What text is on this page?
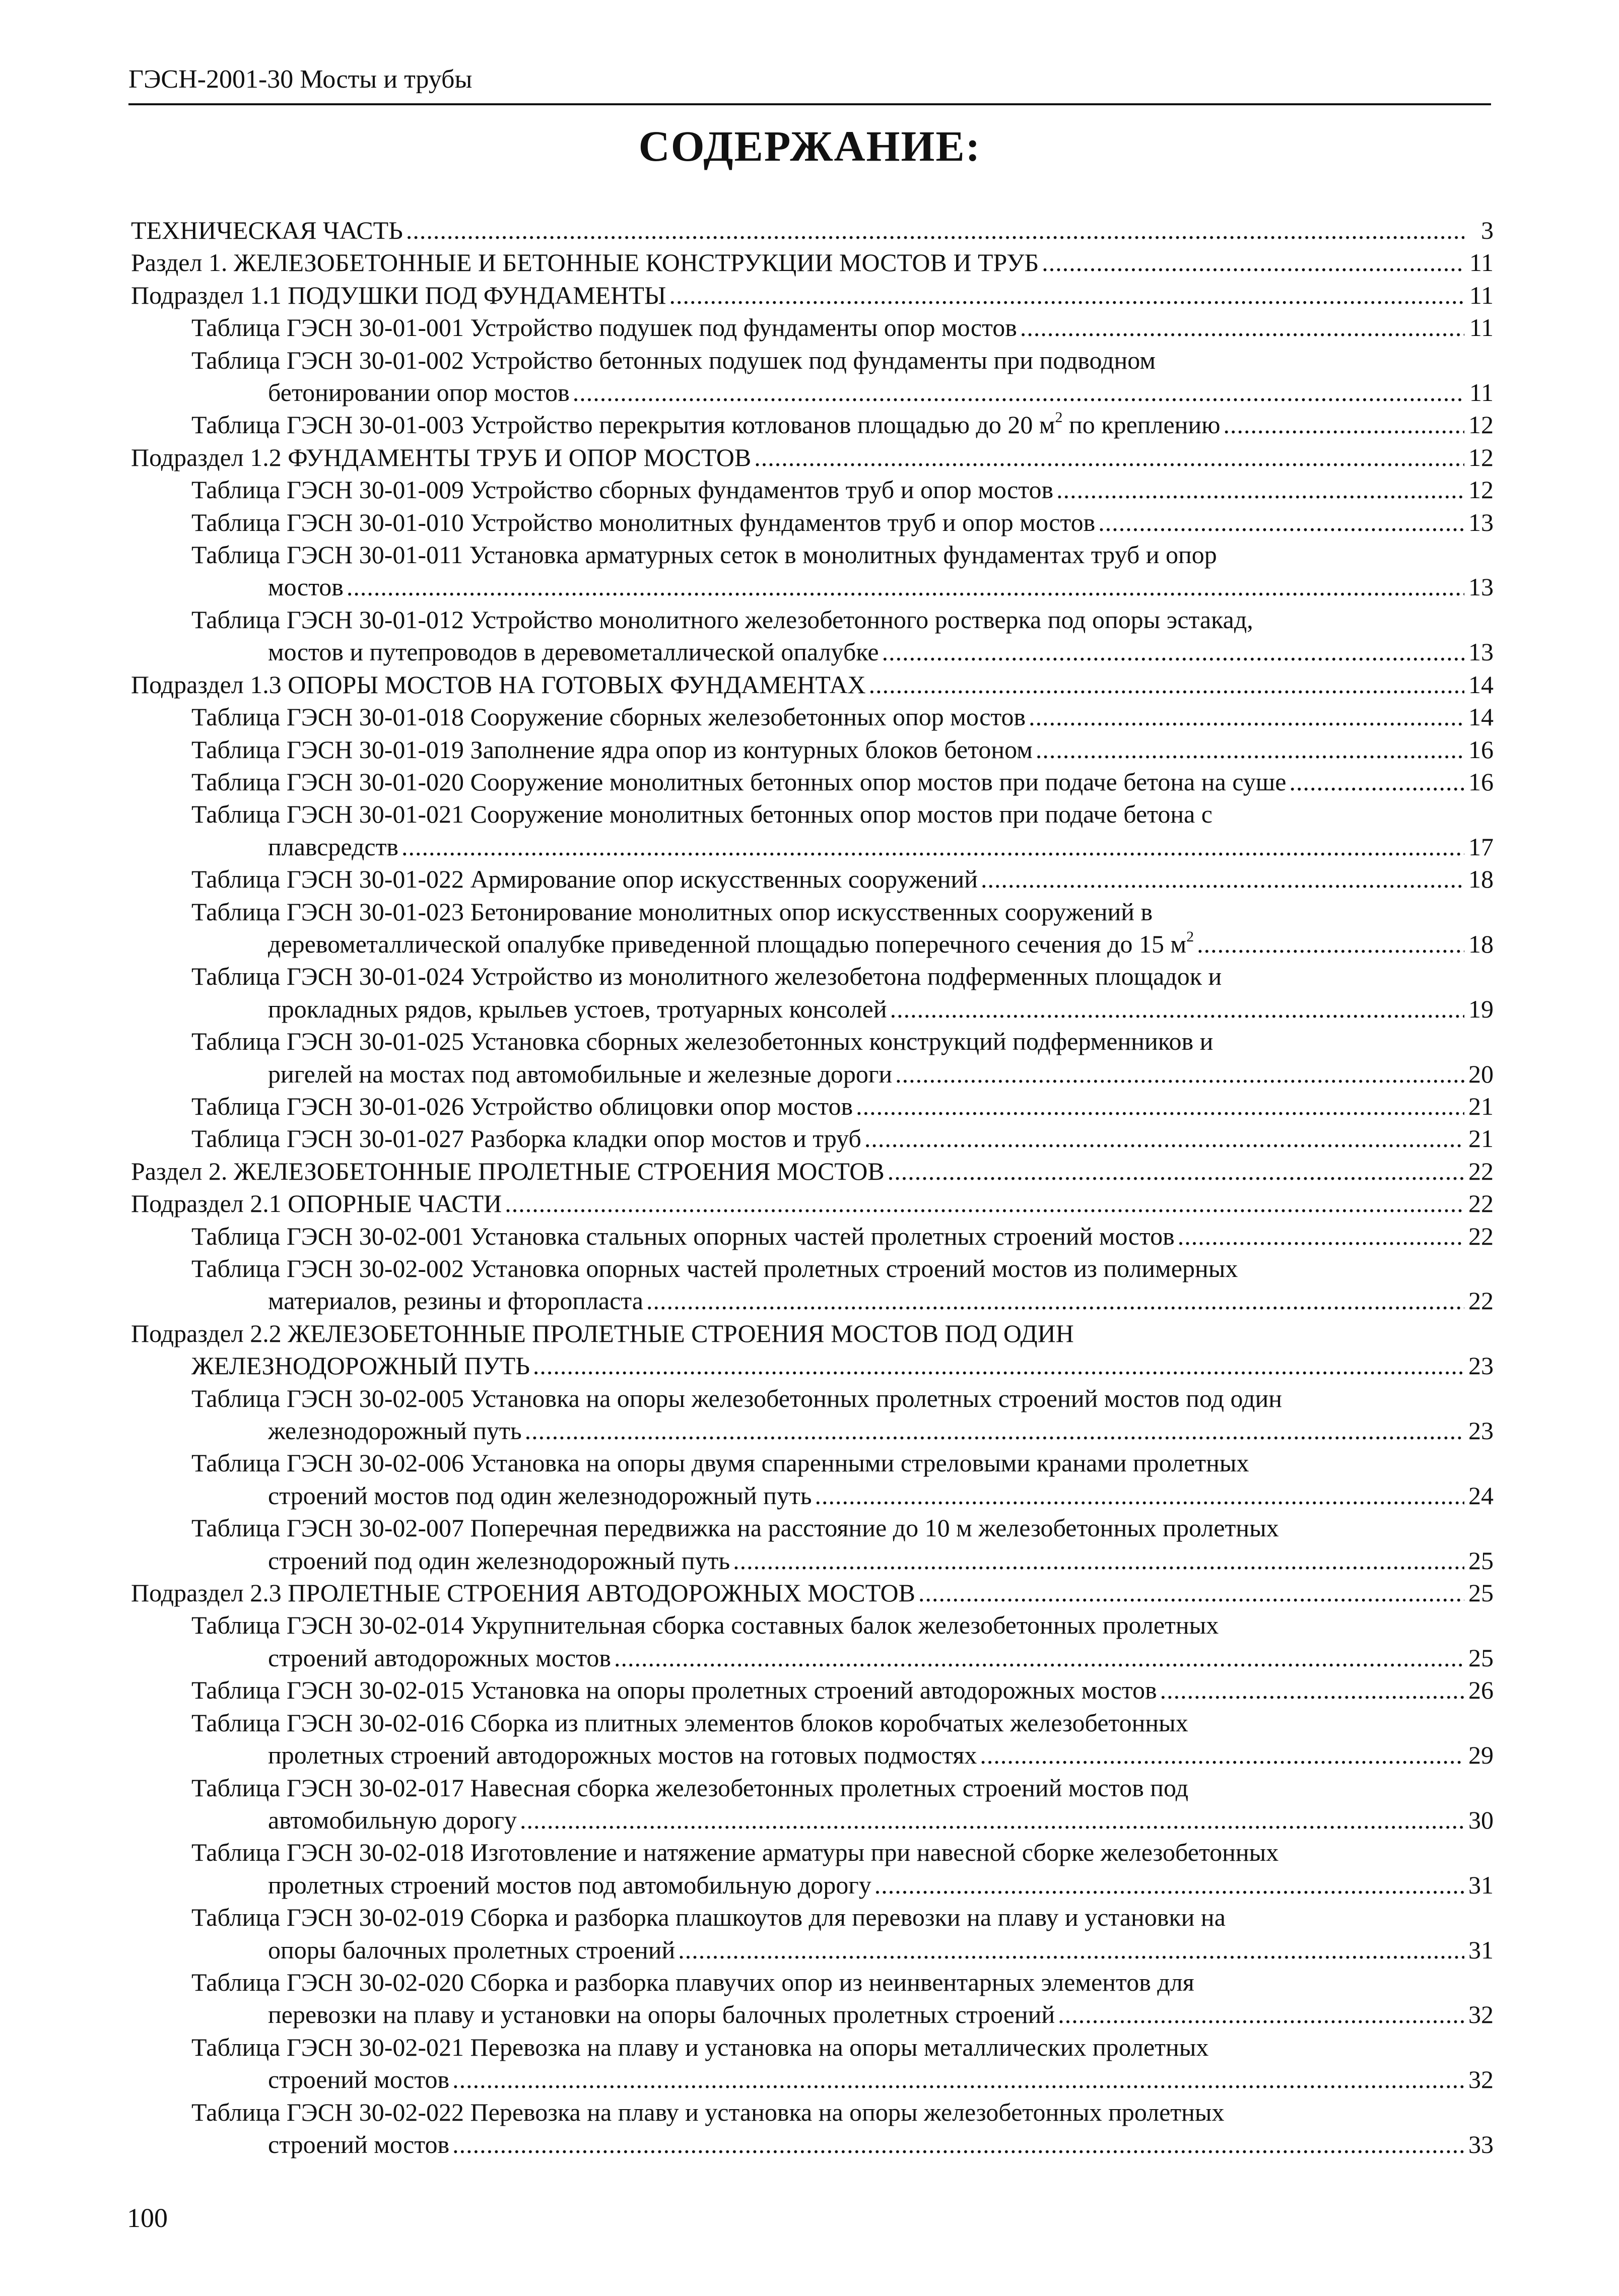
ГЭСН-2001-30 Мосты и трубы
СОДЕРЖАНИЕ:
ТЕХНИЧЕСКАЯ ЧАСТЬ .....	3
Раздел 1. ЖЕЛЕЗОБЕТОННЫЕ И БЕТОННЫЕ КОНСТРУКЦИИ МОСТОВ И ТРУБ .....	11
Подраздел 1.1 ПОДУШКИ ПОД ФУНДАМЕНТЫ .....	11
Таблица ГЭСН 30-01-001 Устройство подушек под фундаменты опор мостов .....	11
Таблица ГЭСН 30-01-002 Устройство бетонных подушек под фундаменты при подводном
бетонировании опор мостов .....	11
Таблица ГЭСН 30-01-003 Устройство перекрытия котлованов площадью до 20 $м^2$ по креплению .....	12
Подраздел 1.2 ФУНДАМЕНТЫ ТРУБ И ОПОР МОСТОВ .....	12
Таблица ГЭСН 30-01-009 Устройство сборных фундаментов труб и опор мостов .....	12
Таблица ГЭСН 30-01-010 Устройство монолитных фундаментов труб и опор мостов .....	13
Таблица ГЭСН 30-01-011 Установка арматурных сеток в монолитных фундаментах труб и опор
мостов .....	13
Таблица ГЭСН 30-01-012 Устройство монолитного железобетонного ростверка под опоры эстакад,
мостов и путепроводов в деревометаллической опалубке .....	13
Подраздел 1.3 ОПОРЫ МОСТОВ НА ГОТОВЫХ ФУНДАМЕНТАХ .....	14
Таблица ГЭСН 30-01-018 Сооружение сборных железобетонных опор мостов .....	14
Таблица ГЭСН 30-01-019 Заполнение ядра опор из контурных блоков бетоном .....	16
Таблица ГЭСН 30-01-020 Сооружение монолитных бетонных опор мостов при подаче бетона на суше .....	16
Таблица ГЭСН 30-01-021 Сооружение монолитных бетонных опор мостов при подаче бетона с
плавсредств .....	17
Таблица ГЭСН 30-01-022 Армирование опор искусственных сооружений .....	18
Таблица ГЭСН 30-01-023 Бетонирование монолитных опор искусственных сооружений в
деревометаллической опалубке приведенной площадью поперечного сечения до 15 $м^2$ .....	18
Таблица ГЭСН 30-01-024 Устройство из монолитного железобетона подферменных площадок и
прокладных рядов, крыльев устоев, тротуарных консолей .....	19
Таблица ГЭСН 30-01-025 Установка сборных железобетонных конструкций подферменников и
ригелей на мостах под автомобильные и железные дороги .....	20
Таблица ГЭСН 30-01-026 Устройство облицовки опор мостов .....	21
Таблица ГЭСН 30-01-027 Разборка кладки опор мостов и труб .....	21
Раздел 2. ЖЕЛЕЗОБЕТОННЫЕ ПРОЛЕТНЫЕ СТРОЕНИЯ МОСТОВ .....	22
Подраздел 2.1 ОПОРНЫЕ ЧАСТИ .....	22
Таблица ГЭСН 30-02-001 Установка стальных опорных частей пролетных строений мостов .....	22
Таблица ГЭСН 30-02-002 Установка опорных частей пролетных строений мостов из полимерных
материалов, резины и фторопласта .....	22
Подраздел 2.2 ЖЕЛЕЗОБЕТОННЫЕ ПРОЛЕТНЫЕ СТРОЕНИЯ МОСТОВ ПОД ОДИН
ЖЕЛЕЗНОДОРОЖНЫЙ ПУТЬ .....	23
Таблица ГЭСН 30-02-005 Установка на опоры железобетонных пролетных строений мостов под один
железнодорожный путь .....	23
Таблица ГЭСН 30-02-006 Установка на опоры двумя спаренными стреловыми кранами пролетных
строений мостов под один железнодорожный путь .....	24
Таблица ГЭСН 30-02-007 Поперечная передвижка на расстояние до 10 м железобетонных пролетных
строений под один железнодорожный путь .....	25
Подраздел 2.3 ПРОЛЕТНЫЕ СТРОЕНИЯ АВТОДОРОЖНЫХ МОСТОВ .....	25
Таблица ГЭСН 30-02-014 Укрупнительная сборка составных балок железобетонных пролетных
строений автодорожных мостов .....	25
Таблица ГЭСН 30-02-015 Установка на опоры пролетных строений автодорожных мостов .....	26
Таблица ГЭСН 30-02-016 Сборка из плитных элементов блоков коробчатых железобетонных
пролетных строений автодорожных мостов на готовых подмостях .....	29
Таблица ГЭСН 30-02-017 Навесная сборка железобетонных пролетных строений мостов под
автомобильную дорогу .....	30
Таблица ГЭСН 30-02-018 Изготовление и натяжение арматуры при навесной сборке железобетонных
пролетных строений мостов под автомобильную дорогу .....	31
Таблица ГЭСН 30-02-019 Сборка и разборка плашкоутов для перевозки на плаву и установки на
опоры балочных пролетных строений .....	31
Таблица ГЭСН 30-02-020 Сборка и разборка плавучих опор из неинвентарных элементов для
перевозки на плаву и установки на опоры балочных пролетных строений .....	32
Таблица ГЭСН 30-02-021 Перевозка на плаву и установка на опоры металлических пролетных
строений мостов .....	32
Таблица ГЭСН 30-02-022 Перевозка на плаву и установка на опоры железобетонных пролетных
строений мостов .....	33
100
